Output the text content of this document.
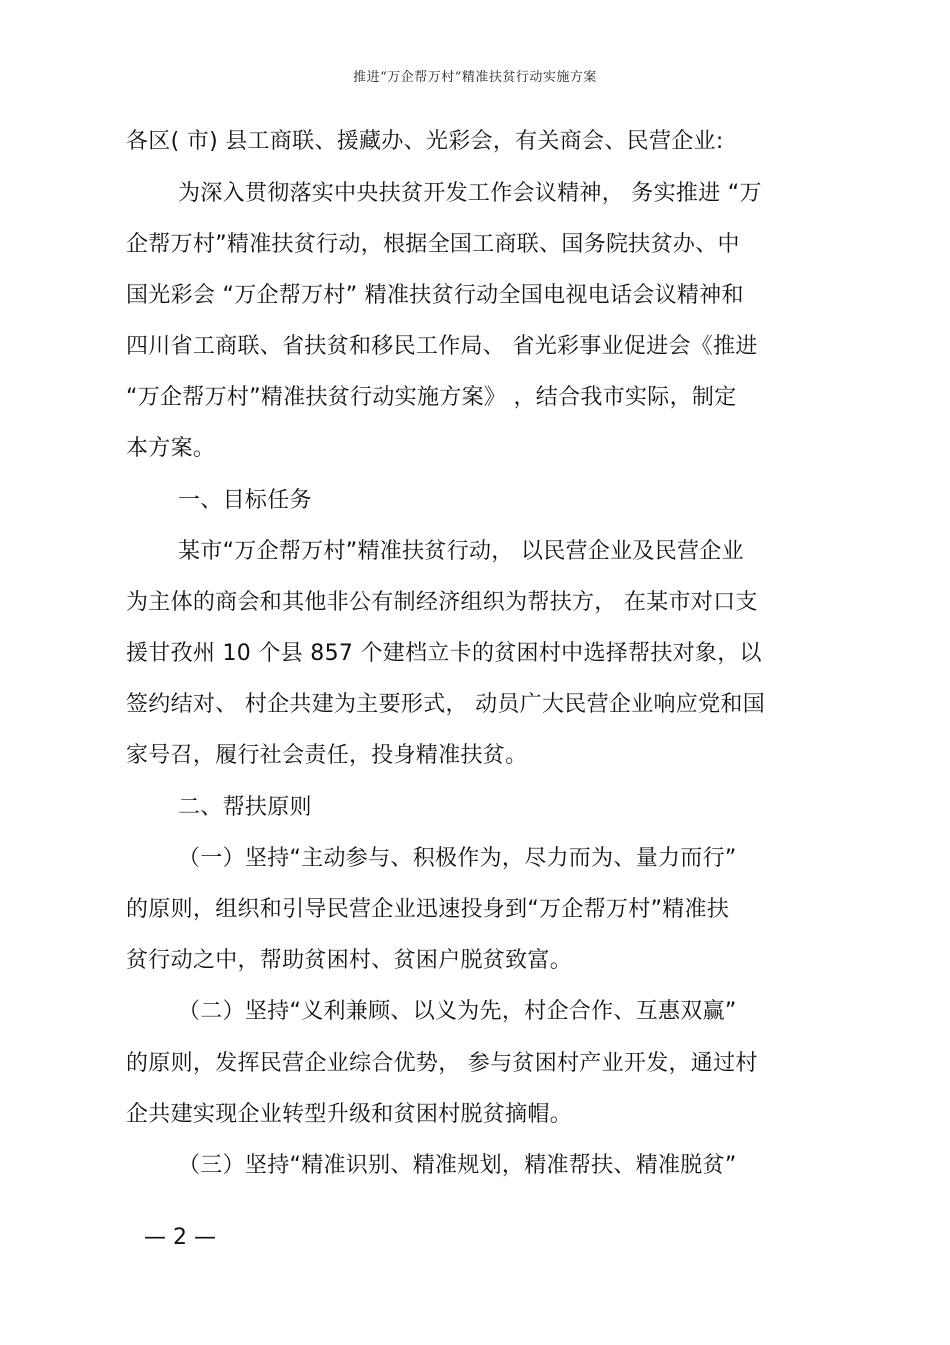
推进“万企帮万村”精准扶贫行动实施方案
各区( 市) 县工商联、援藏办、光彩会，有关商会、民营企业:
为深入贯彻落实中央扶贫开发工作会议精神， 务实推进 “万
企帮万村”精准扶贫行动，根据全国工商联、国务院扶贫办、中
国光彩会 “万企帮万村” 精准扶贫行动全国电视电话会议精神和
四川省工商联、省扶贫和移民工作局、 省光彩事业促进会《推进
“万企帮万村”精准扶贫行动实施方案》 ，结合我市实际，制定
本方案。
一、目标任务
某市“万企帮万村”精准扶贫行动， 以民营企业及民营企业
为主体的商会和其他非公有制经济组织为帮扶方， 在某市对口支
援甘孜州 10 个县 857 个建档立卡的贫困村中选择帮扶对象，以
签约结对、 村企共建为主要形式， 动员广大民营企业响应党和国
家号召，履行社会责任，投身精准扶贫。
二、帮扶原则
（一）坚持“主动参与、积极作为，尽力而为、量力而行”
的原则，组织和引导民营企业迅速投身到“万企帮万村”精准扶
贫行动之中，帮助贫困村、贫困户脱贫致富。
（二）坚持“义利兼顾、以义为先，村企合作、互惠双赢”
的原则，发挥民营企业综合优势， 参与贫困村产业开发，通过村
企共建实现企业转型升级和贫困村脱贫摘帽。
（三）坚持“精准识别、精准规划，精准帮扶、精准脱贫”
— 2 —
